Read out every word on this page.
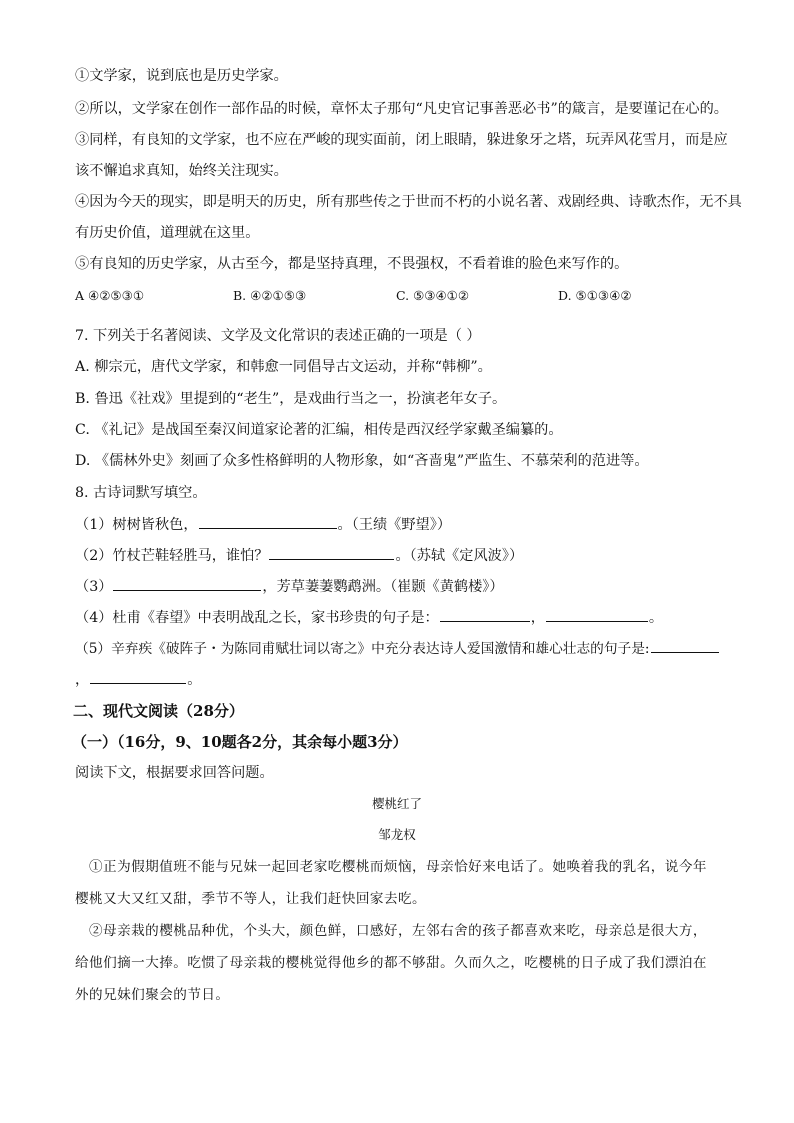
①文学家，说到底也是历史学家。
②所以，文学家在创作一部作品的时候，章怀太子那句“凡史官记事善恶必书”的箴言，是要谨记在心的。
③同样，有良知的文学家，也不应在严峻的现实面前，闭上眼睛，躲进象牙之塔，玩弄风花雪月，而是应
该不懈追求真知，始终关注现实。
④因为今天的现实，即是明天的历史，所有那些传之于世而不朽的小说名著、戏剧经典、诗歌杰作，无不具
有历史价值，道理就在这里。
⑤有良知的历史学家，从古至今，都是坚持真理，不畏强权，不看着谁的脸色来写作的。
A ④②⑤③①	B. ④②①⑤③	C. ⑤③④①②	D. ⑤①③④②
7. 下列关于名著阅读、文学及文化常识的表述正确的一项是（ ）
A. 柳宗元，唐代文学家，和韩愈一同倡导古文运动，并称“韩柳”。
B. 鲁迅《社戏》里提到的“老生”，是戏曲行当之一，扮演老年女子。
C. 《礼记》是战国至秦汉间道家论著的汇编，相传是西汉经学家戴圣编纂的。
D. 《儒林外史》刻画了众多性格鲜明的人物形象，如“吝啬鬼”严监生、不慕荣利的范进等。
8. 古诗词默写填空。
（1）树树皆秋色，	。（王绩《野望》）
（2）竹杖芒鞋轻胜马，谁怕？	。（苏轼《定风波》）
（3）	，芳草萋萋鹦鹉洲。（崔颢《黄鹤楼》）
（4）杜甫《春望》中表明战乱之长，家书珍贵的句子是：	，	。
（5）辛弃疾《破阵子・为陈同甫赋壮词以寄之》中充分表达诗人爱国激情和雄心壮志的句子是:
，	。
二、现代文阅读（28分）
（一）（16分，9、10题各2分，其余每小题3分）
阅读下文，根据要求回答问题。
樱桃红了
邹龙权
①正为假期值班不能与兄妹一起回老家吃樱桃而烦恼，母亲恰好来电话了。她唤着我的乳名，说今年樱桃又大又红又甜，季节不等人，让我们赶快回家去吃。
②母亲栽的樱桃品种优，个头大，颜色鲜，口感好，左邻右舍的孩子都喜欢来吃，母亲总是很大方，给他们摘一大捧。吃惯了母亲栽的樱桃觉得他乡的都不够甜。久而久之，吃樱桃的日子成了我们漂泊在外的兄妹们聚会的节日。
